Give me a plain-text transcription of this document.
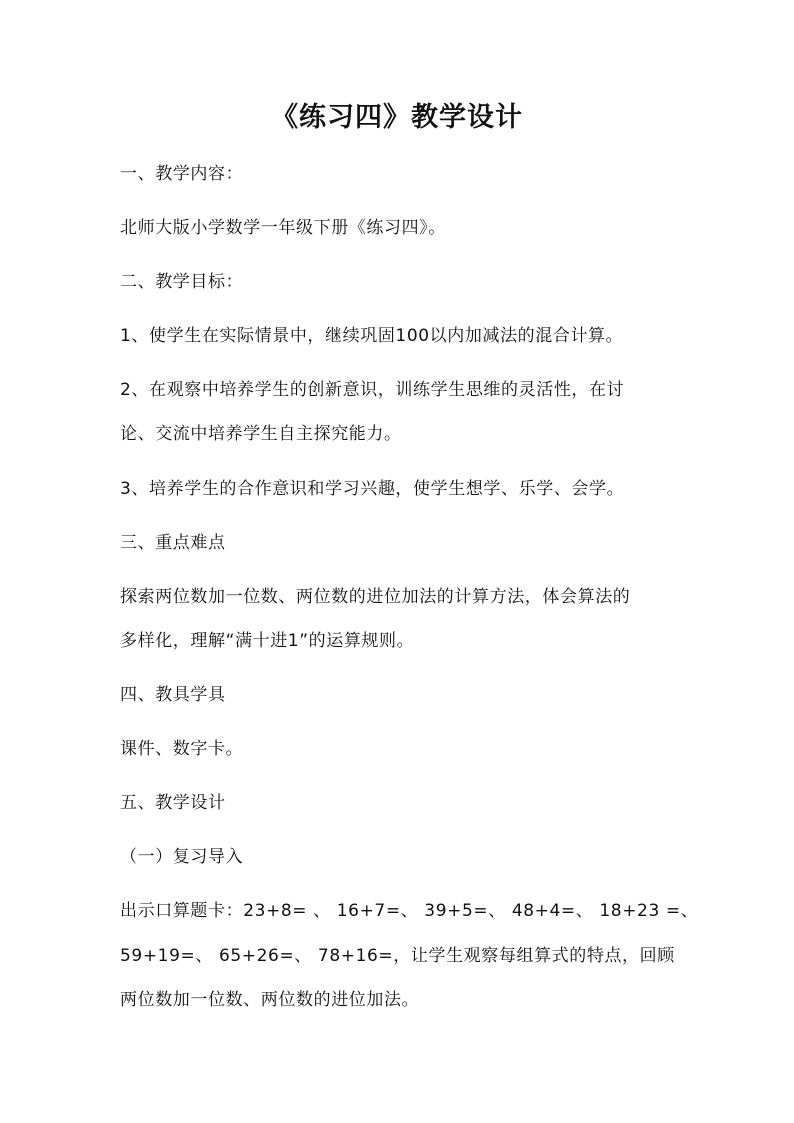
《练习四》教学设计
一、教学内容：
北师大版小学数学一年级下册《练习四》。
二、教学目标：
1、使学生在实际情景中，继续巩固100以内加减法的混合计算。
2、在观察中培养学生的创新意识，训练学生思维的灵活性，在讨
论、交流中培养学生自主探究能力。
3、培养学生的合作意识和学习兴趣，使学生想学、乐学、会学。
三、重点难点
探索两位数加一位数、两位数的进位加法的计算方法，体会算法的
多样化，理解“满十进1”的运算规则。
四、教具学具
课件、数字卡。
五、教学设计
（一）复习导入
出示口算题卡：23+8= 、 16+7=、 39+5=、 48+4=、 18+23 =、
59+19=、 65+26=、 78+16=，让学生观察每组算式的特点，回顾
两位数加一位数、两位数的进位加法。
